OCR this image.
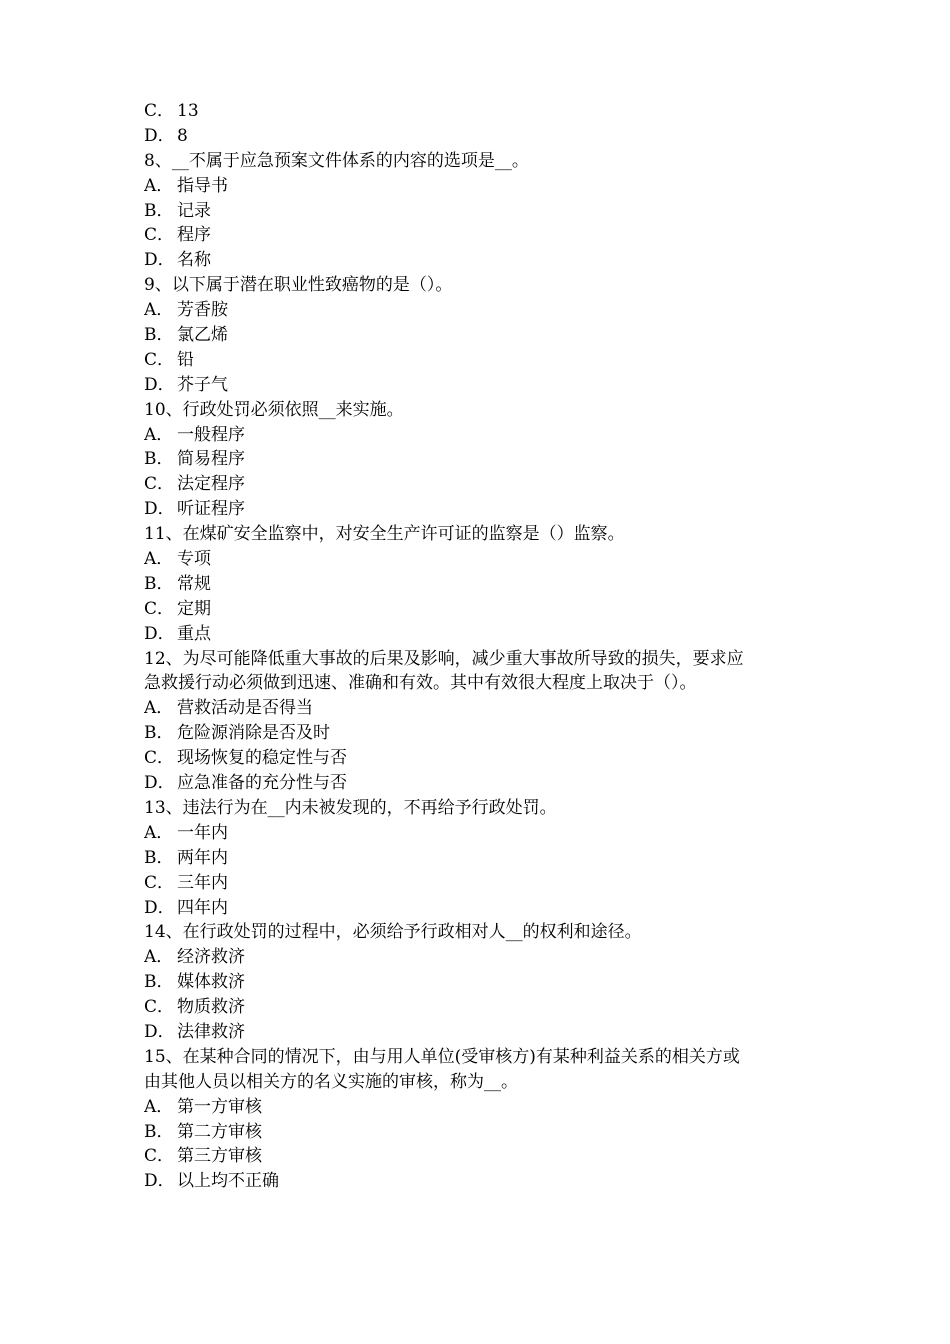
C． 13
D． 8
8、__不属于应急预案文件体系的内容的选项是__。
A． 指导书
B． 记录
C． 程序
D． 名称
9、以下属于潜在职业性致癌物的是（）。
A． 芳香胺
B． 氯乙烯
C． 铅
D． 芥子气
10、行政处罚必须依照__来实施。
A． 一般程序
B． 简易程序
C． 法定程序
D． 听证程序
11、在煤矿安全监察中，对安全生产许可证的监察是（）监察。
A． 专项
B． 常规
C． 定期
D． 重点
12、为尽可能降低重大事故的后果及影响，减少重大事故所导致的损失，要求应
急救援行动必须做到迅速、准确和有效。其中有效很大程度上取决于（）。
A． 营救活动是否得当
B． 危险源消除是否及时
C． 现场恢复的稳定性与否
D． 应急准备的充分性与否
13、违法行为在__内未被发现的，不再给予行政处罚。
A． 一年内
B． 两年内
C． 三年内
D． 四年内
14、在行政处罚的过程中，必须给予行政相对人__的权利和途径。
A． 经济救济
B． 媒体救济
C． 物质救济
D． 法律救济
15、在某种合同的情况下，由与用人单位(受审核方)有某种利益关系的相关方或
由其他人员以相关方的名义实施的审核，称为__。
A． 第一方审核
B． 第二方审核
C． 第三方审核
D． 以上均不正确
